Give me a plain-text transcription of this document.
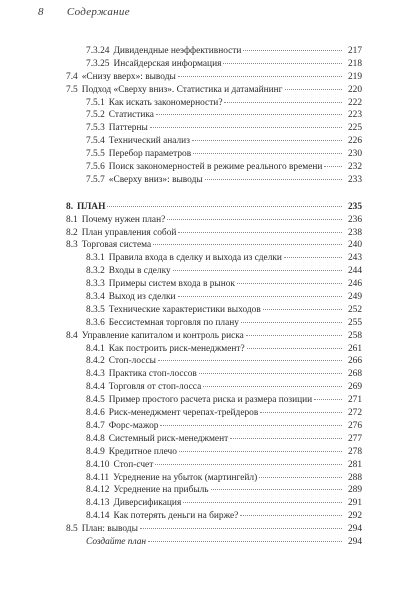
8 Содержание
7.3.24 Дивидендные неэффективности	217
7.3.25 Инсайдерская информация	218
7.4 «Снизу вверх»: выводы	219
7.5 Подход «Сверху вниз». Статистика и датамайнинг	220
7.5.1 Как искать закономерности?	222
7.5.2 Статистика	223
7.5.3 Паттерны	225
7.5.4 Технический анализ	226
7.5.5 Перебор параметров	230
7.5.6 Поиск закономерностей в режиме реального времени	232
7.5.7 «Сверху вниз»: выводы	233
8. ПЛАН	235
8.1 Почему нужен план?	236
8.2 План управления собой	238
8.3 Торговая система	240
8.3.1 Правила входа в сделку и выхода из сделки	243
8.3.2 Входы в сделку	244
8.3.3 Примеры систем входа в рынок	246
8.3.4 Выход из сделки	249
8.3.5 Технические характеристики выходов	252
8.3.6 Бессистемная торговля по плану	255
8.4 Управление капиталом и контроль риска	258
8.4.1 Как построить риск-менеджмент?	261
8.4.2 Стоп-лоссы	266
8.4.3 Практика стоп-лоссов	268
8.4.4 Торговля от стоп-лосса	269
8.4.5 Пример простого расчета риска и размера позиции	271
8.4.6 Риск-менеджмент черепах-трейдеров	272
8.4.7 Форс-мажор	276
8.4.8 Системный риск-менеджмент	277
8.4.9 Кредитное плечо	278
8.4.10 Стоп-счет	281
8.4.11 Усреднение на убыток (мартингейл)	288
8.4.12 Усреднение на прибыль	289
8.4.13 Диверсификация	291
8.4.14 Как потерять деньги на бирже?	292
8.5 План: выводы	294
Создайте план	294
